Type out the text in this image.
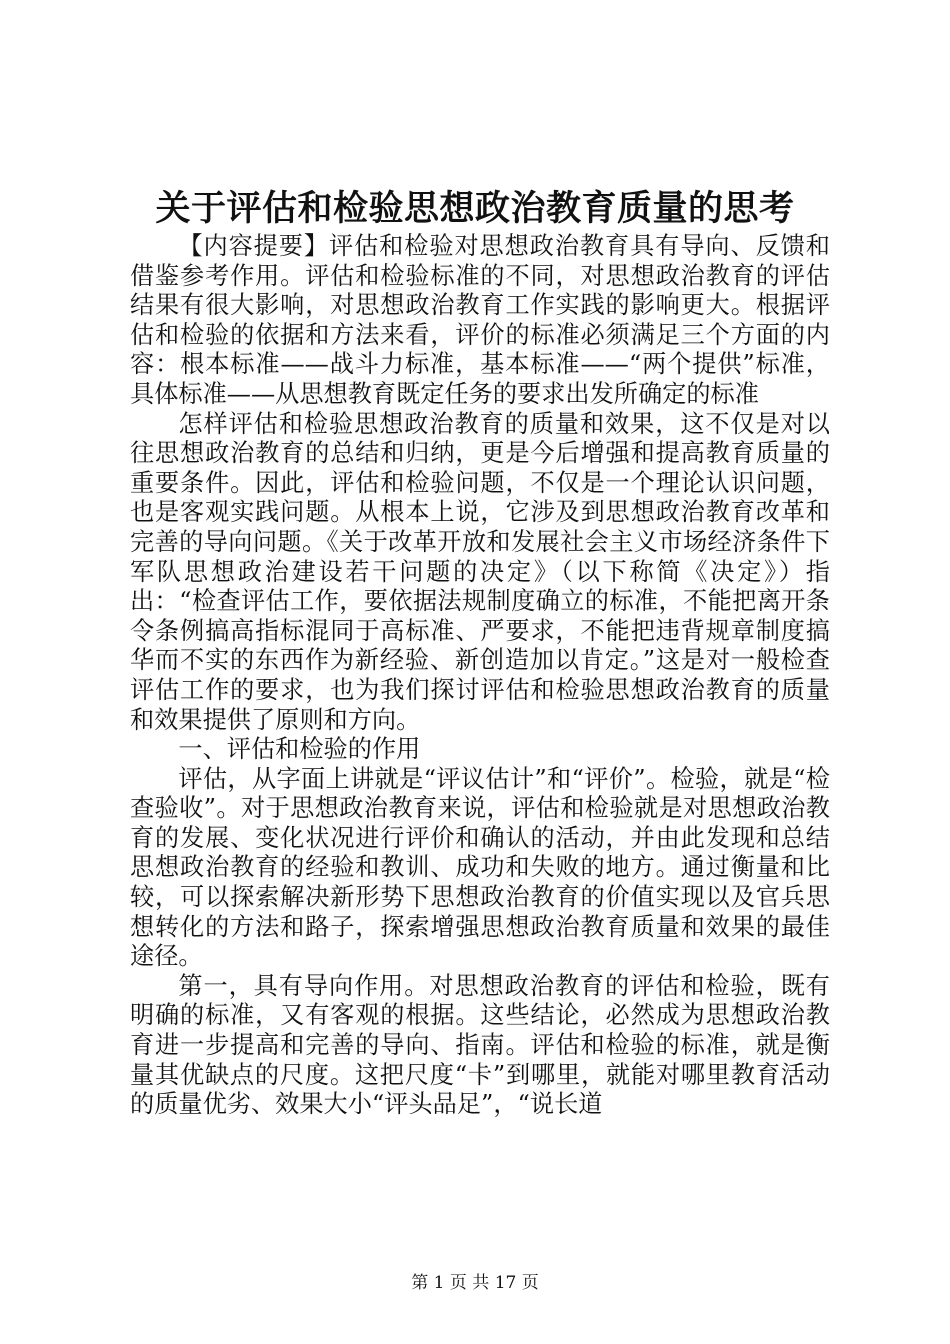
关于评估和检验思想政治教育质量的思考

【内容提要】评估和检验对思想政治教育具有导向、反馈和借鉴参考作用。评估和检验标准的不同，对思想政治教育的评估结果有很大影响，对思想政治教育工作实践的影响更大。根据评估和检验的依据和方法来看，评价的标准必须满足三个方面的内容：根本标准——战斗力标准，基本标准——“两个提供”标准，具体标准——从思想教育既定任务的要求出发所确定的标准

怎样评估和检验思想政治教育的质量和效果，这不仅是对以往思想政治教育的总结和归纳，更是今后增强和提高教育质量的重要条件。因此，评估和检验问题，不仅是一个理论认识问题，也是客观实践问题。从根本上说，它涉及到思想政治教育改革和完善的导向问题。《关于改革开放和发展社会主义市场经济条件下军队思想政治建设若干问题的决定》（以下称简《决定》）指出：“检查评估工作，要依据法规制度确立的标准，不能把离开条令条例搞高指标混同于高标准、严要求，不能把违背规章制度搞华而不实的东西作为新经验、新创造加以肯定。”这是对一般检查评估工作的要求，也为我们探讨评估和检验思想政治教育的质量和效果提供了原则和方向。

一、评估和检验的作用

评估，从字面上讲就是“评议估计”和“评价”。检验，就是“检查验收”。对于思想政治教育来说，评估和检验就是对思想政治教育的发展、变化状况进行评价和确认的活动，并由此发现和总结思想政治教育的经验和教训、成功和失败的地方。通过衡量和比较，可以探索解决新形势下思想政治教育的价值实现以及官兵思想转化的方法和路子，探索增强思想政治教育质量和效果的最佳途径。

第一，具有导向作用。对思想政治教育的评估和检验，既有明确的标准，又有客观的根据。这些结论，必然成为思想政治教育进一步提高和完善的导向、指南。评估和检验的标准，就是衡量其优缺点的尺度。这把尺度“卡”到哪里，就能对哪里教育活动的质量优劣、效果大小“评头品足”，“说长道

第 1 页 共 17 页
